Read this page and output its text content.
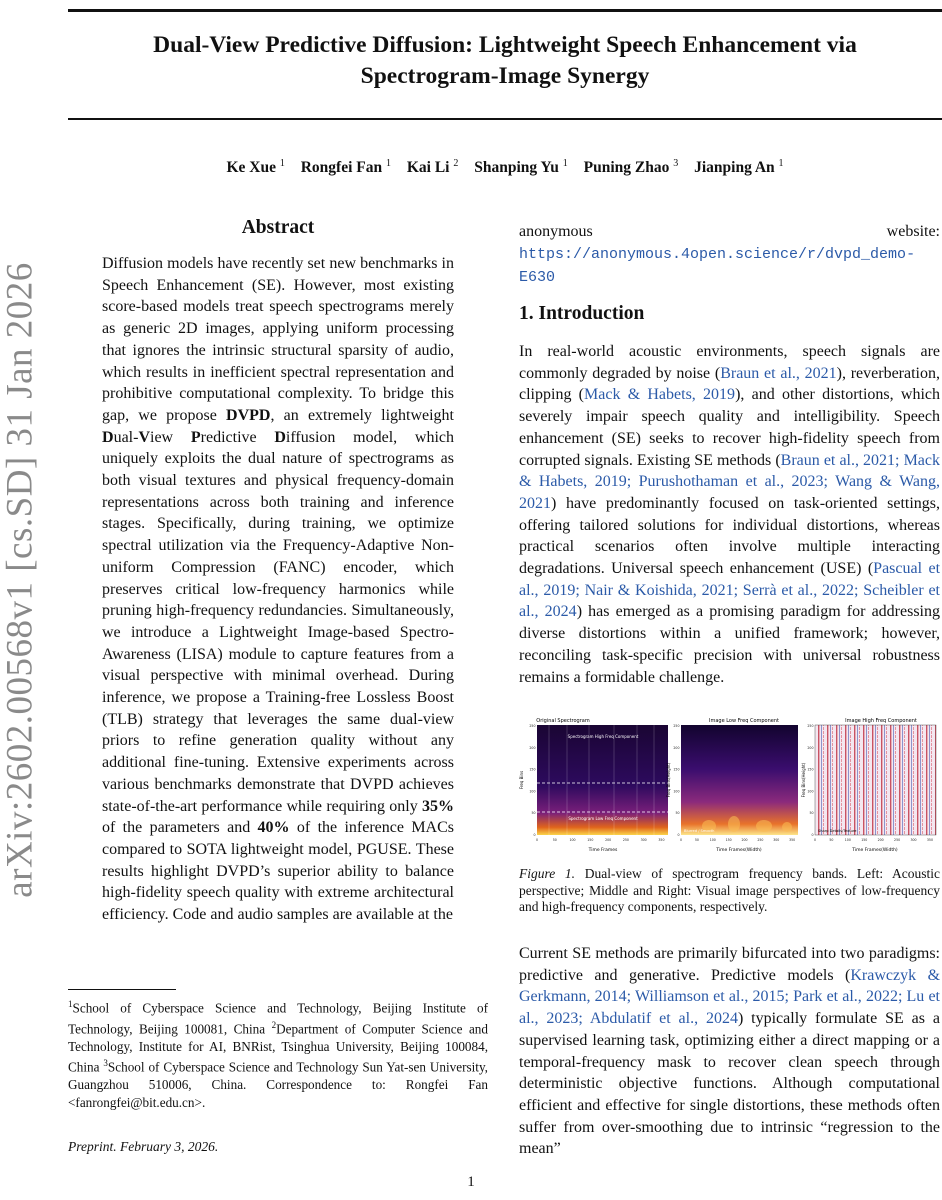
arXiv:2602.00568v1 [cs.SD] 31 Jan 2026
Dual-View Predictive Diffusion: Lightweight Speech Enhancement via
Spectrogram-Image Synergy
Ke Xue $^1$ Rongfei Fan $^1$ Kai Li $^2$ Shanping Yu $^1$ Puning Zhao $^3$ Jianping An $^1$
Abstract

Diffusion models have recently set new benchmarks in Speech Enhancement (SE). However, most existing score-based models treat speech spectrograms merely as generic 2D images, applying uniform processing that ignores the intrinsic structural sparsity of audio, which results in inefficient spectral representation and prohibitive computational complexity. To bridge this gap, we propose DVPD, an extremely lightweight Dual-View Predictive Diffusion model, which uniquely exploits the dual nature of spectrograms as both visual textures and physical frequency-domain representations across both training and inference stages. Specifically, during training, we optimize spectral utilization via the Frequency-Adaptive Non-uniform Compression (FANC) encoder, which preserves critical low-frequency harmonics while pruning high-frequency redundancies. Simultaneously, we introduce a Lightweight Image-based Spectro-Awareness (LISA) module to capture features from a visual perspective with minimal overhead. During inference, we propose a Training-free Lossless Boost (TLB) strategy that leverages the same dual-view priors to refine generation quality without any additional fine-tuning. Extensive experiments across various benchmarks demonstrate that DVPD achieves state-of-the-art performance while requiring only 35% of the parameters and 40% of the inference MACs compared to SOTA lightweight model, PGUSE. These results highlight DVPD’s superior ability to balance high-fidelity speech quality with extreme architectural efficiency. Code and audio samples are available at the

$^1$School of Cyberspace Science and Technology, Beijing Institute of Technology, Beijing 100081, China $^2$Department of Computer Science and Technology, Institute for AI, BNRist, Tsinghua University, Beijing 100084, China $^3$School of Cyberspace Science and Technology Sun Yat-sen University, Guangzhou 510006, China. Correspondence to: Rongfei Fan <fanrongfei@bit.edu.cn>.
Preprint. February 3, 2026.
anonymous website: https://anonymous.4open.science/r/dvpd_demo-E630
1. Introduction

In real-world acoustic environments, speech signals are commonly degraded by noise (Braun et al., 2021), reverberation, clipping (Mack & Habets, 2019), and other distortions, which severely impair speech quality and intelligibility. Speech enhancement (SE) seeks to recover high-fidelity speech from corrupted signals. Existing SE methods (Braun et al., 2021; Mack & Habets, 2019; Purushothaman et al., 2023; Wang & Wang, 2021) have predominantly focused on task-oriented settings, offering tailored solutions for individual distortions, whereas practical scenarios often involve multiple interacting degradations. Universal speech enhancement (USE) (Pascual et al., 2019; Nair & Koishida, 2021; Serrà et al., 2022; Scheibler et al., 2024) has emerged as a promising paradigm for addressing diverse distortions within a unified framework; however, reconciling task-specific precision with universal robustness remains a formidable challenge.

Original Spectrogram
Spectrogram High Freq Component
Spectrogram Low Freq Component
Freq Bins
Time Frames
Image Low Freq Component
Blurred / Smooth
Freq Bins(Height)
Time Frames(Width)
Image High Freq Component
Sharp Details/Texture
Freq Bins(Height)
Time Frames(Width)
250
200
150
100
50
0
0	50	100	150	200	250	300	350
250
200
150
100
50
0
0	50	100	150	200	250	300	350
250
200
150
100
50
0
0	50	100	150	200	250	300	350
Figure 1. Dual-view of spectrogram frequency bands. Left: Acoustic perspective; Middle and Right: Visual image perspectives of low-frequency and high-frequency components, respectively.

Current SE methods are primarily bifurcated into two paradigms: predictive and generative. Predictive models (Krawczyk & Gerkmann, 2014; Williamson et al., 2015; Park et al., 2022; Lu et al., 2023; Abdulatif et al., 2024) typically formulate SE as a supervised learning task, optimizing either a direct mapping or a temporal-frequency mask to recover clean speech through deterministic objective functions. Although computational efficient and effective for single distortions, these methods often suffer from over-smoothing due to intrinsic “regression to the mean”

1
